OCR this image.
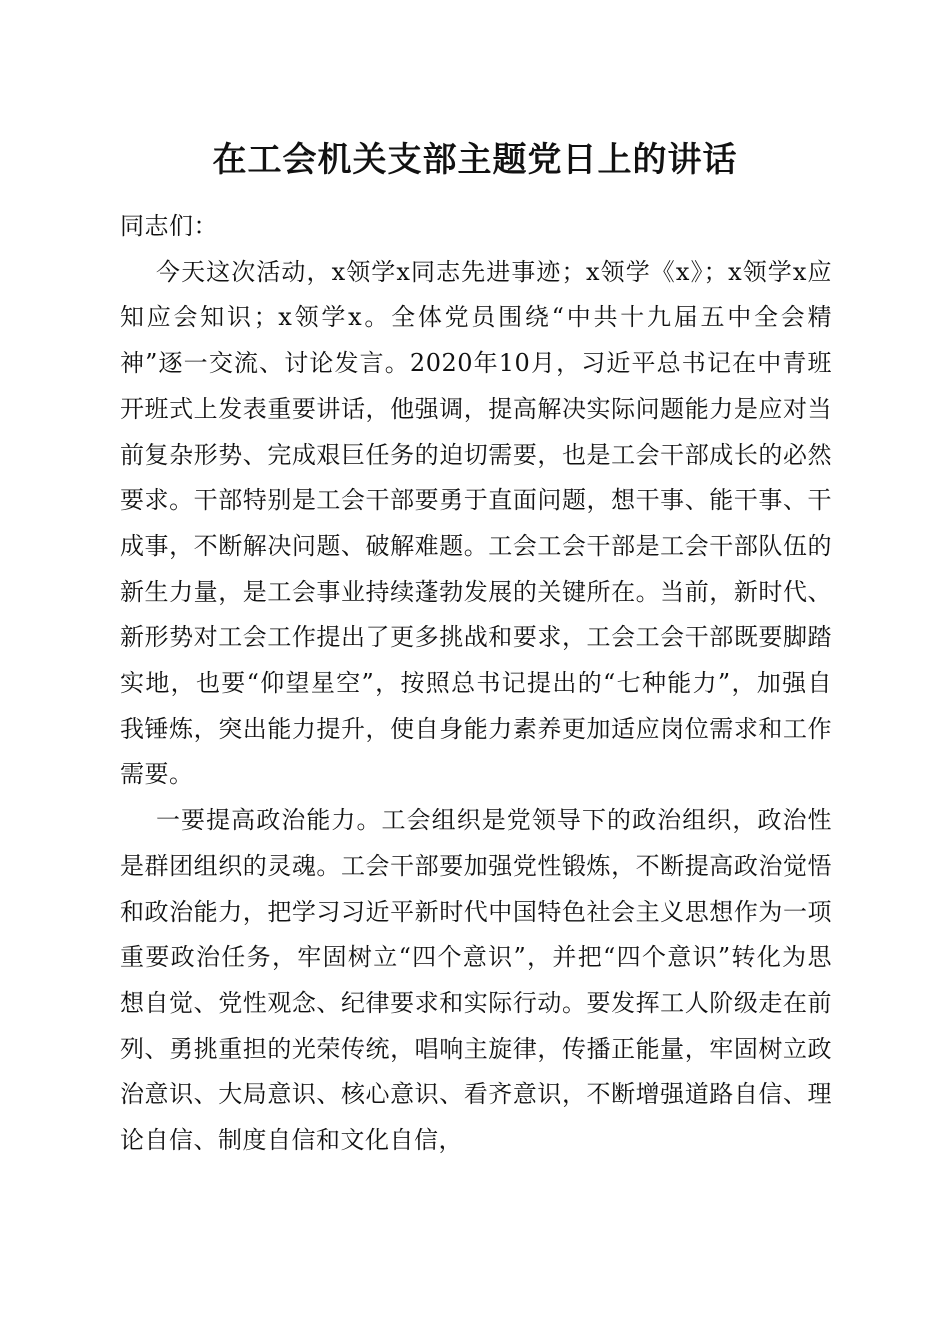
在工会机关支部主题党日上的讲话

同志们：

今天这次活动，x领学x同志先进事迹；x领学《x》；x领学x应知应会知识；x领学x。全体党员围绕“中共十九届五中全会精神”逐一交流、讨论发言。2020年10月，习近平总书记在中青班开班式上发表重要讲话，他强调，提高解决实际问题能力是应对当前复杂形势、完成艰巨任务的迫切需要，也是工会干部成长的必然要求。干部特别是工会干部要勇于直面问题，想干事、能干事、干成事，不断解决问题、破解难题。工会工会干部是工会干部队伍的新生力量，是工会事业持续蓬勃发展的关键所在。当前，新时代、新形势对工会工作提出了更多挑战和要求，工会工会干部既要脚踏实地，也要“仰望星空”，按照总书记提出的“七种能力”，加强自我锤炼，突出能力提升，使自身能力素养更加适应岗位需求和工作需要。

一要提高政治能力。工会组织是党领导下的政治组织，政治性是群团组织的灵魂。工会干部要加强党性锻炼，不断提高政治觉悟和政治能力，把学习习近平新时代中国特色社会主义思想作为一项重要政治任务，牢固树立“四个意识”，并把“四个意识”转化为思想自觉、党性观念、纪律要求和实际行动。要发挥工人阶级走在前列、勇挑重担的光荣传统，唱响主旋律，传播正能量，牢固树立政治意识、大局意识、核心意识、看齐意识，不断增强道路自信、理论自信、制度自信和文化自信，
